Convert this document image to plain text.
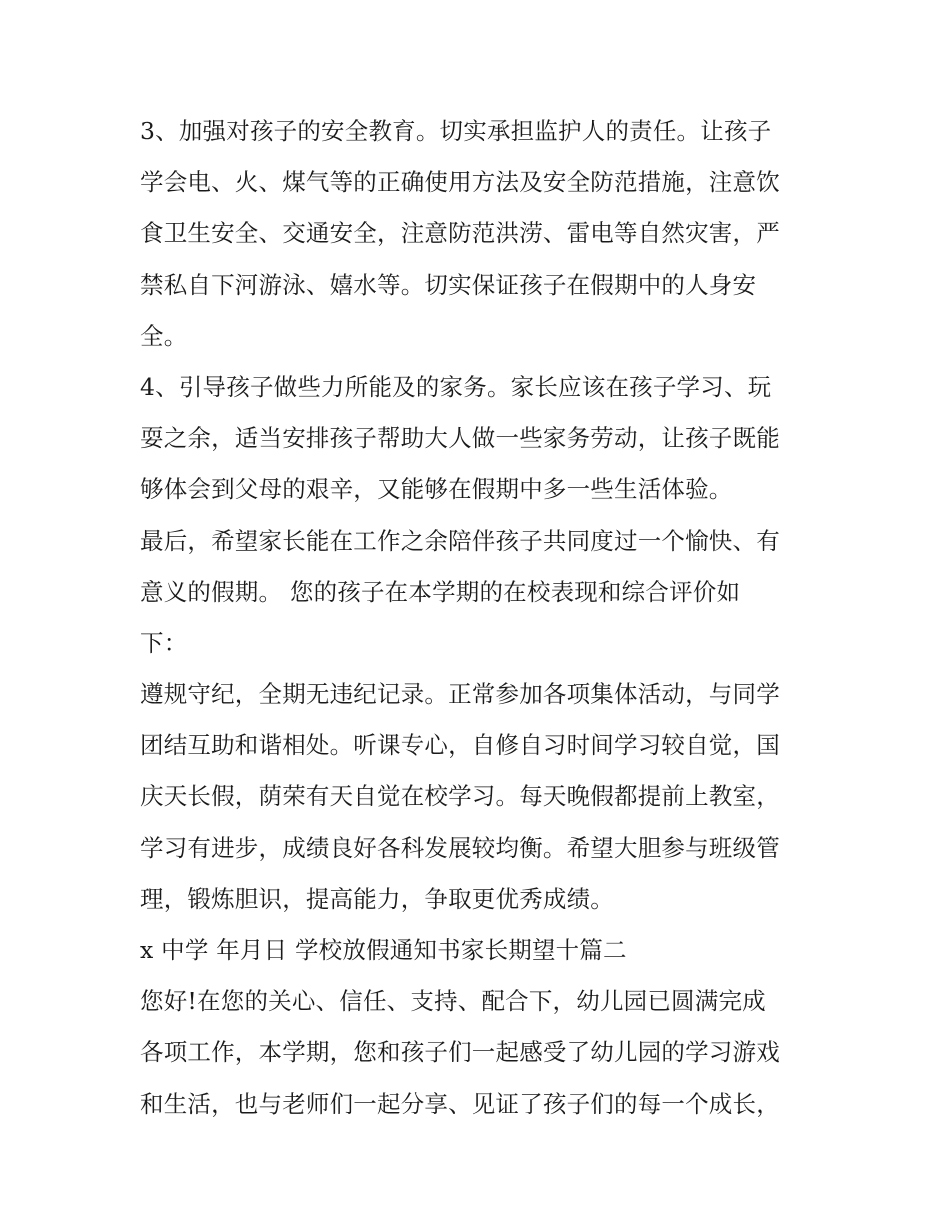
3、加强对孩子的安全教育。切实承担监护人的责任。让孩子
学会电、火、煤气等的正确使用方法及安全防范措施，注意饮
食卫生安全、交通安全，注意防范洪涝、雷电等自然灾害，严
禁私自下河游泳、嬉水等。切实保证孩子在假期中的人身安
全。
4、引导孩子做些力所能及的家务。家长应该在孩子学习、玩
耍之余，适当安排孩子帮助大人做一些家务劳动，让孩子既能
够体会到父母的艰辛，又能够在假期中多一些生活体验。
最后，希望家长能在工作之余陪伴孩子共同度过一个愉快、有
意义的假期。 您的孩子在本学期的在校表现和综合评价如
下：
遵规守纪，全期无违纪记录。正常参加各项集体活动，与同学
团结互助和谐相处。听课专心，自修自习时间学习较自觉，国
庆天长假，荫荣有天自觉在校学习。每天晚假都提前上教室，
学习有进步，成绩良好各科发展较均衡。希望大胆参与班级管
理，锻炼胆识，提高能力，争取更优秀成绩。
x 中学 年月日 学校放假通知书家长期望十篇二
您好!在您的关心、信任、支持、配合下，幼儿园已圆满完成
各项工作，本学期，您和孩子们一起感受了幼儿园的学习游戏
和生活，也与老师们一起分享、见证了孩子们的每一个成长，
